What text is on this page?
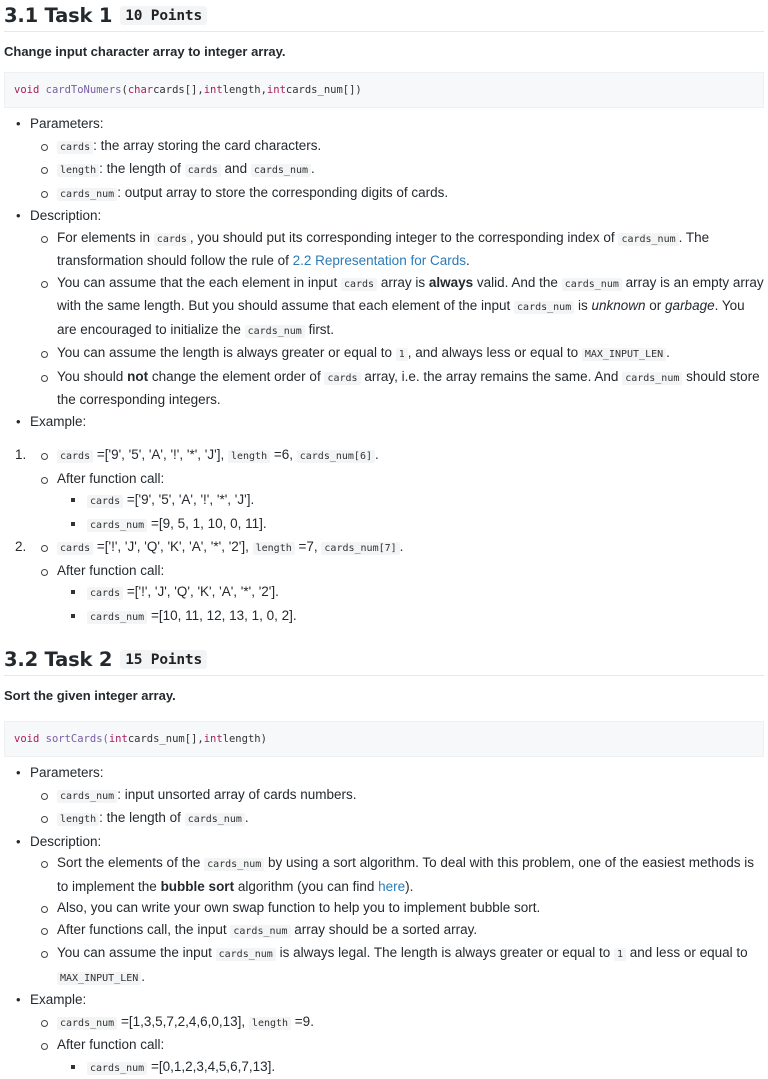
3.1 Task 1 10 Points
Change input character array to integer array.
void
cardToNumers ( char cards[], int length, int cards_num[])
• Parameters:
cards : the array storing the card characters.
length : the length of cards and cards_num .
cards_num : output array to store the corresponding digits of cards.
• Description:
For elements in cards , you should put its corresponding integer to the corresponding index of cards_num . The transformation should follow the rule of 2.2 Representation for Cards.
You can assume that the each element in input cards array is always valid. And the cards_num array is an empty array with the same length. But you should assume that each element of the input cards_num is unknown or garbage. You are encouraged to initialize the cards_num first.
You can assume the length is always greater or equal to 1 , and always less or equal to MAX_INPUT_LEN .
You should not change the element order of cards array, i.e. the array remains the same. And cards_num should store the corresponding integers.
• Example:
1.	cards =['9', '5', 'A', '!', '*', 'J'], length =6, cards_num[6] .
After function call:
cards =['9', '5', 'A', '!', '*', 'J'].
cards_num =[9, 5, 1, 10, 0, 11].
2.	cards =['!', 'J', 'Q', 'K', 'A', '*', '2'], length =7, cards_num[7] .
After function call:
cards =['!', 'J', 'Q', 'K', 'A', '*', '2'].
cards_num =[10, 11, 12, 13, 1, 0, 2].
3.2 Task 2 15 Points
Sort the given integer array.
void
sortCards ( int cards_num[], int length)
• Parameters:
cards_num : input unsorted array of cards numbers.
length : the length of cards_num .
• Description:
Sort the elements of the cards_num by using a sort algorithm. To deal with this problem, one of the easiest methods is to implement the bubble sort algorithm (you can find here).
Also, you can write your own swap function to help you to implement bubble sort.
After functions call, the input cards_num array should be a sorted array.
You can assume the input cards_num is always legal. The length is always greater or equal to 1 and less or equal to MAX_INPUT_LEN .
• Example:
cards_num =[1,3,5,7,2,4,6,0,13], length =9.
After function call:
cards_num =[0,1,2,3,4,5,6,7,13].
